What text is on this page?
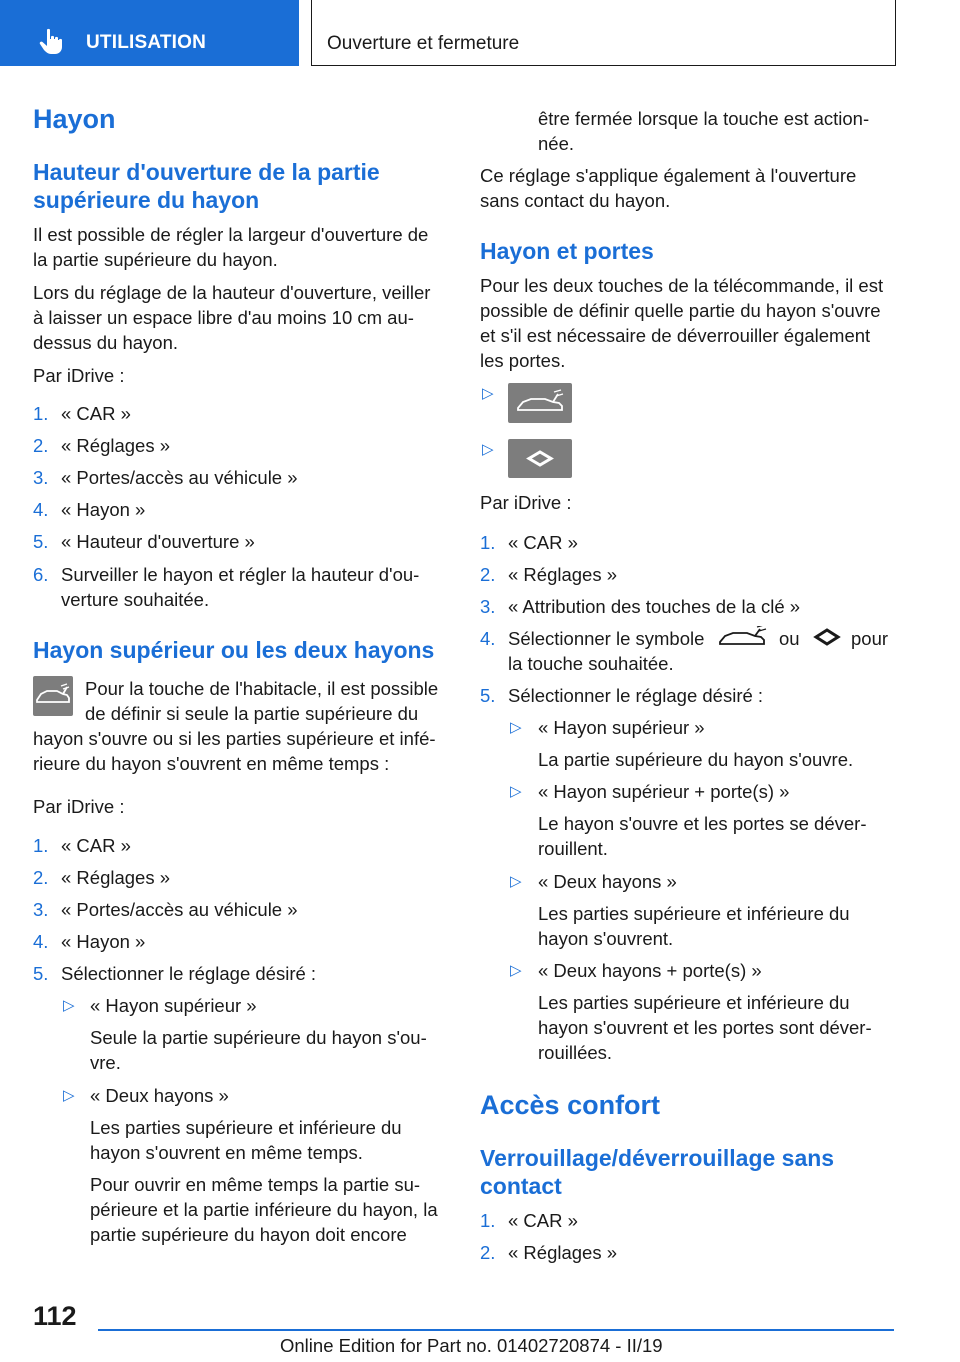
UTILISATION	Ouverture et fermeture
Hayon
Hauteur d'ouverture de la partie
supérieure du hayon
Il est possible de régler la largeur d'ouverture de
la partie supérieure du hayon.
Lors du réglage de la hauteur d'ouverture, veiller
à laisser un espace libre d'au moins 10 cm au-
dessus du hayon.
Par iDrive :
1. « CAR »
2. « Réglages »
3. « Portes/accès au véhicule »
4. « Hayon »
5. « Hauteur d'ouverture »
6. Surveiller le hayon et régler la hauteur d'ou-
verture souhaitée.
Hayon supérieur ou les deux hayons
Pour la touche de l'habitacle, il est possible
de définir si seule la partie supérieure du
hayon s'ouvre ou si les parties supérieure et infé-
rieure du hayon s'ouvrent en même temps :
Par iDrive :
1. « CAR »
2. « Réglages »
3. « Portes/accès au véhicule »
4. « Hayon »
5. Sélectionner le réglage désiré :
▷ « Hayon supérieur »
Seule la partie supérieure du hayon s'ou-
vre.
▷ « Deux hayons »
Les parties supérieure et inférieure du
hayon s'ouvrent en même temps.
Pour ouvrir en même temps la partie su-
périeure et la partie inférieure du hayon, la
partie supérieure du hayon doit encore
être fermée lorsque la touche est action-
née.
Ce réglage s'applique également à l'ouverture
sans contact du hayon.
Hayon et portes
Pour les deux touches de la télécommande, il est
possible de définir quelle partie du hayon s'ouvre
et s'il est nécessaire de déverrouiller également
les portes.
▷
▷
Par iDrive :
1. « CAR »
2. « Réglages »
3. « Attribution des touches de la clé »
4. Sélectionner le symbole	ou	pour
la touche souhaitée.
5. Sélectionner le réglage désiré :
▷ « Hayon supérieur »
La partie supérieure du hayon s'ouvre.
▷ « Hayon supérieur + porte(s) »
Le hayon s'ouvre et les portes se déver-
rouillent.
▷ « Deux hayons »
Les parties supérieure et inférieure du
hayon s'ouvrent.
▷ « Deux hayons + porte(s) »
Les parties supérieure et inférieure du
hayon s'ouvrent et les portes sont déver-
rouillées.
Accès confort
Verrouillage/déverrouillage sans
contact
1. « CAR »
2. « Réglages »
112
Online Edition for Part no. 01402720874 - II/19
